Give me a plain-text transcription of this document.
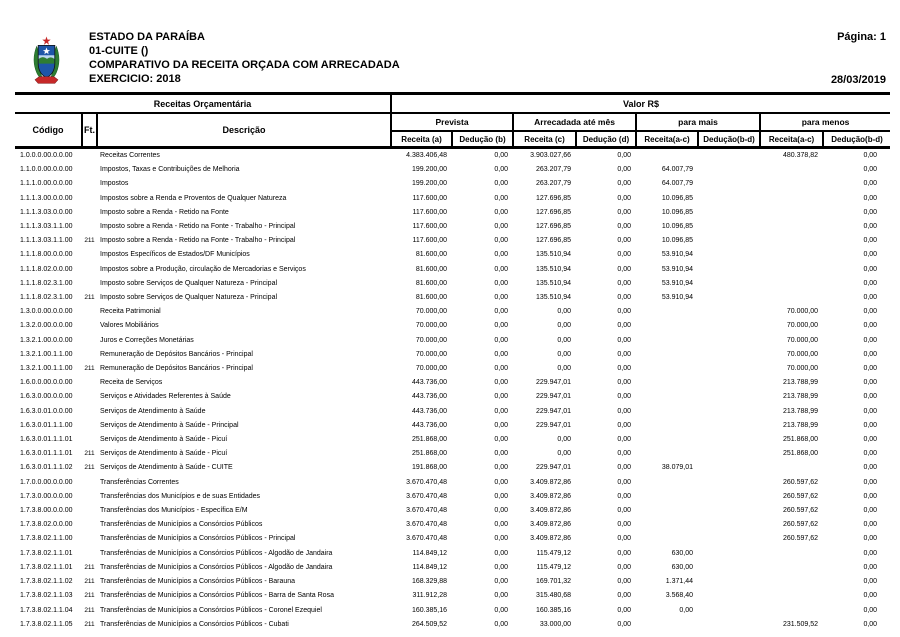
ESTADO DA PARAÍBA
01-CUITE ()
COMPARATIVO DA RECEITA ORÇADA COM ARRECADADA
EXERCICIO: 2018
Página: 1
28/03/2019
Receitas Orçamentária			Valor R$							
Código	Ft.	Descrição	Prevista		Arrecadada até mês		para mais		para menos	
			Receita (a)	Dedução (b)	Receita (c)	Dedução (d)	Receita(a-c)	Dedução(b-d)	Receita(a-c)	Dedução(b-d)
1.0.0.0.00.0.0.00		Receitas Correntes	4.383.406,48	0,00	3.903.027,66	0,00			480.378,82	0,00
1.1.0.0.00.0.0.00		Impostos, Taxas e Contribuições de Melhoria	199.200,00	0,00	263.207,79	0,00	64.007,79			0,00
1.1.1.0.00.0.0.00		Impostos	199.200,00	0,00	263.207,79	0,00	64.007,79			0,00
1.1.1.3.00.0.0.00		Impostos sobre a Renda e Proventos de Qualquer Natureza	117.600,00	0,00	127.696,85	0,00	10.096,85			0,00
1.1.1.3.03.0.0.00		Imposto sobre a Renda - Retido na Fonte	117.600,00	0,00	127.696,85	0,00	10.096,85			0,00
1.1.1.3.03.1.1.00		Imposto sobre a Renda - Retido na Fonte - Trabalho - Principal	117.600,00	0,00	127.696,85	0,00	10.096,85			0,00
1.1.1.3.03.1.1.00	211	Imposto sobre a Renda - Retido na Fonte - Trabalho - Principal	117.600,00	0,00	127.696,85	0,00	10.096,85			0,00
1.1.1.8.00.0.0.00		Impostos Específicos de Estados/DF Municípios	81.600,00	0,00	135.510,94	0,00	53.910,94			0,00
1.1.1.8.02.0.0.00		Impostos sobre a Produção, circulação de Mercadorias e Serviços	81.600,00	0,00	135.510,94	0,00	53.910,94			0,00
1.1.1.8.02.3.1.00		Imposto sobre Serviços de Qualquer Natureza - Principal	81.600,00	0,00	135.510,94	0,00	53.910,94			0,00
1.1.1.8.02.3.1.00	211	Imposto sobre Serviços de Qualquer Natureza - Principal	81.600,00	0,00	135.510,94	0,00	53.910,94			0,00
1.3.0.0.00.0.0.00		Receita Patrimonial	70.000,00	0,00	0,00	0,00			70.000,00	0,00
1.3.2.0.00.0.0.00		Valores Mobiliários	70.000,00	0,00	0,00	0,00			70.000,00	0,00
1.3.2.1.00.0.0.00		Juros e Correções Monetárias	70.000,00	0,00	0,00	0,00			70.000,00	0,00
1.3.2.1.00.1.1.00		Remuneração de Depósitos Bancários - Principal	70.000,00	0,00	0,00	0,00			70.000,00	0,00
1.3.2.1.00.1.1.00	211	Remuneração de Depósitos Bancários - Principal	70.000,00	0,00	0,00	0,00			70.000,00	0,00
1.6.0.0.00.0.0.00		Receita de Serviços	443.736,00	0,00	229.947,01	0,00			213.788,99	0,00
1.6.3.0.00.0.0.00		Serviços e Atividades Referentes à Saúde	443.736,00	0,00	229.947,01	0,00			213.788,99	0,00
1.6.3.0.01.0.0.00		Serviços de Atendimento à Saúde	443.736,00	0,00	229.947,01	0,00			213.788,99	0,00
1.6.3.0.01.1.1.00		Serviços de Atendimento à Saúde - Principal	443.736,00	0,00	229.947,01	0,00			213.788,99	0,00
1.6.3.0.01.1.1.01		Serviços de Atendimento à Saúde - Picuí	251.868,00	0,00	0,00	0,00			251.868,00	0,00
1.6.3.0.01.1.1.01	211	Serviços de Atendimento à Saúde - Picuí	251.868,00	0,00	0,00	0,00			251.868,00	0,00
1.6.3.0.01.1.1.02	211	Serviços de Atendimento à Saúde - CUITE	191.868,00	0,00	229.947,01	0,00	38.079,01			0,00
1.7.0.0.00.0.0.00		Transferências Correntes	3.670.470,48	0,00	3.409.872,86	0,00			260.597,62	0,00
1.7.3.0.00.0.0.00		Transferências dos Municípios e de suas Entidades	3.670.470,48	0,00	3.409.872,86	0,00			260.597,62	0,00
1.7.3.8.00.0.0.00		Transferências dos Municípios - Específica E/M	3.670.470,48	0,00	3.409.872,86	0,00			260.597,62	0,00
1.7.3.8.02.0.0.00		Transferências de Municípios a Consórcios Públicos	3.670.470,48	0,00	3.409.872,86	0,00			260.597,62	0,00
1.7.3.8.02.1.1.00		Transferências de Municípios a Consórcios Públicos - Principal	3.670.470,48	0,00	3.409.872,86	0,00			260.597,62	0,00
1.7.3.8.02.1.1.01		Transferências de Municípios a Consórcios Públicos - Algodão de Jandaira	114.849,12	0,00	115.479,12	0,00	630,00			0,00
1.7.3.8.02.1.1.01	211	Transferências de Municípios a Consórcios Públicos - Algodão de Jandaira	114.849,12	0,00	115.479,12	0,00	630,00			0,00
1.7.3.8.02.1.1.02	211	Transferências de Municípios a Consórcios Públicos - Barauna	168.329,88	0,00	169.701,32	0,00	1.371,44			0,00
1.7.3.8.02.1.1.03	211	Transferências de Municípios a Consórcios Públicos - Barra de Santa Rosa	311.912,28	0,00	315.480,68	0,00	3.568,40			0,00
1.7.3.8.02.1.1.04	211	Transferências de Municípios a Consórcios Públicos - Coronel Ezequiel	160.385,16	0,00	160.385,16	0,00	0,00			0,00
1.7.3.8.02.1.1.05	211	Transferências de Municípios a Consórcios Públicos - Cubati	264.509,52	0,00	33.000,00	0,00			231.509,52	0,00
